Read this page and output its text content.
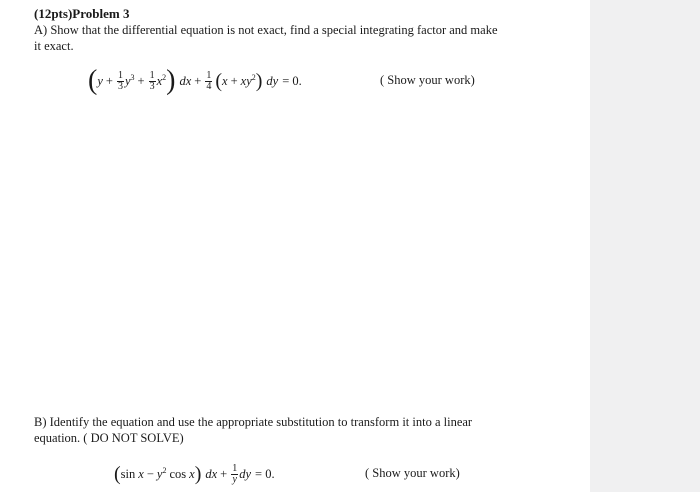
(12pts)Problem 3
A) Show that the differential equation is not exact, find a special integrating factor and make
it exact.
( $y + \frac{1}{3} y^3 + \frac{1}{3} x^2$ ) dx + $\frac{1}{4}$ ( $x + xy^2$ ) dy = 0.	( Show your work)
B) Identify the equation and use the appropriate substitution to transform it into a linear
equation. ( DO NOT SOLVE)
( $\sin x - y^2$ cos x ) dx + $\frac{1}{y}$ dy = 0.	( Show your work)
